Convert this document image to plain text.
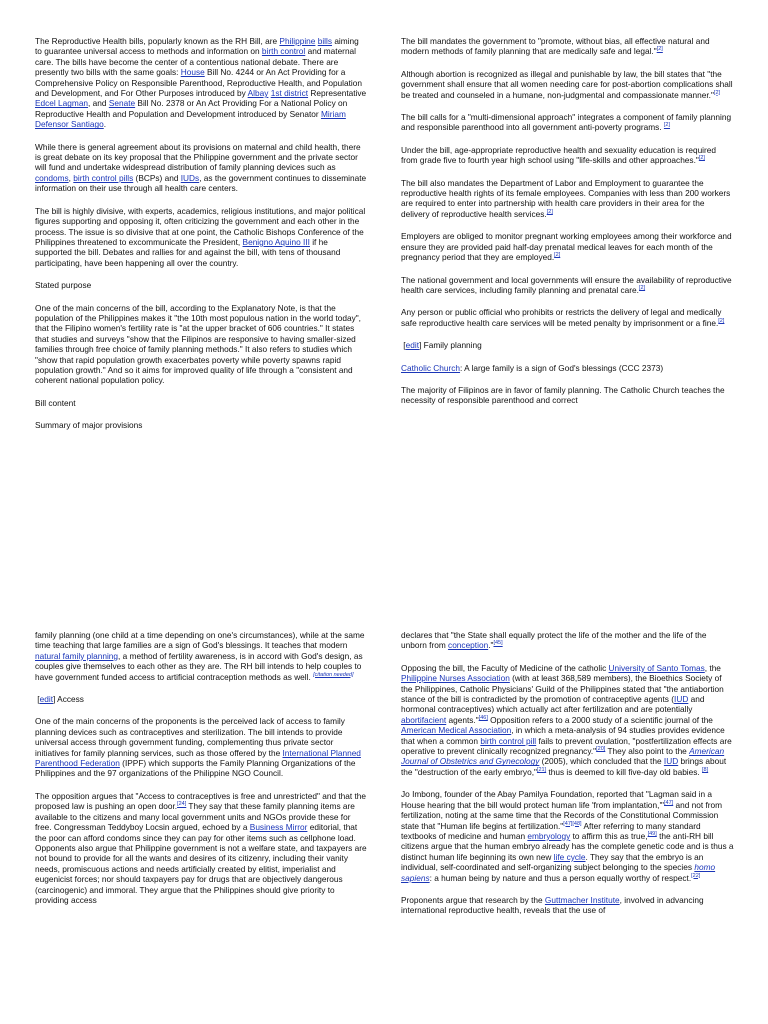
The Reproductive Health bills, popularly known as the RH Bill, are Philippine bills aiming to guarantee universal access to methods and information on birth control and maternal care. The bills have become the center of a contentious national debate. There are presently two bills with the same goals: House Bill No. 4244 or An Act Providing for a Comprehensive Policy on Responsible Parenthood, Reproductive Health, and Population and Development, and For Other Purposes introduced by Albay 1st district Representative Edcel Lagman, and Senate Bill No. 2378 or An Act Providing For a National Policy on Reproductive Health and Population and Development introduced by Senator Miriam Defensor Santiago.

While there is general agreement about its provisions on maternal and child health, there is great debate on its key proposal that the Philippine government and the private sector will fund and undertake widespread distribution of family planning devices such as condoms, birth control pills (BCPs) and IUDs, as the government continues to disseminate information on their use through all health care centers.

The bill is highly divisive, with experts, academics, religious institutions, and major political figures supporting and opposing it, often criticizing the government and each other in the process. The issue is so divisive that at one point, the Catholic Bishops Conference of the Philippines threatened to excommunicate the President, Benigno Aquino III if he supported the bill. Debates and rallies for and against the bill, with tens of thousand participating, have been happening all over the country.

Stated purpose

One of the main concerns of the bill, according to the Explanatory Note, is that the population of the Philippines makes it "the 10th most populous nation in the world today", that the Filipino women's fertility rate is "at the upper bracket of 606 countries." It states that studies and surveys "show that the Filipinos are responsive to having smaller-sized families through free choice of family planning methods." It also refers to studies which "show that rapid population growth exacerbates poverty while poverty spawns rapid population growth." And so it aims for improved quality of life through a "consistent and coherent national population policy.

Bill content

Summary of major provisions

The bill mandates the government to "promote, without bias, all effective natural and modern methods of family planning that are medically safe and legal."[2]

Although abortion is recognized as illegal and punishable by law, the bill states that "the government shall ensure that all women needing care for post-abortion complications shall be treated and counseled in a humane, non-judgmental and compassionate manner."[2]

The bill calls for a "multi-dimensional approach" integrates a component of family planning and responsible parenthood into all government anti-poverty programs. [2]

Under the bill, age-appropriate reproductive health and sexuality education is required from grade five to fourth year high school using "life-skills and other approaches."[2]

The bill also mandates the Department of Labor and Employment to guarantee the reproductive health rights of its female employees. Companies with less than 200 workers are required to enter into partnership with health care providers in their area for the delivery of reproductive health services.[2]

Employers are obliged to monitor pregnant working employees among their workforce and ensure they are provided paid half-day prenatal medical leaves for each month of the pregnancy period that they are employed.[2]

The national government and local governments will ensure the availability of reproductive health care services, including family planning and prenatal care.[2]

Any person or public official who prohibits or restricts the delivery of legal and medically safe reproductive health care services will be meted penalty by imprisonment or a fine.[2]

[edit] Family planning

Catholic Church: A large family is a sign of God's blessings (CCC 2373)

The majority of Filipinos are in favor of family planning. The Catholic Church teaches the necessity of responsible parenthood and correct

family planning (one child at a time depending on one's circumstances), while at the same time teaching that large families are a sign of God's blessings. It teaches that modern natural family planning, a method of fertility awareness, is in accord with God's design, as couples give themselves to each other as they are. The RH bill intends to help couples to have government funded access to artificial contraception methods as well. [citation needed]

[edit] Access

One of the main concerns of the proponents is the perceived lack of access to family planning devices such as contraceptives and sterilization. The bill intends to provide universal access through government funding, complementing thus private sector initiatives for family planning services, such as those offered by the International Planned Parenthood Federation (IPPF) which supports the Family Planning Organizations of the Philippines and the 97 organizations of the Philippine NGO Council.

The opposition argues that "Access to contraceptives is free and unrestricted" and that the proposed law is pushing an open door.[24] They say that these family planning items are available to the citizens and many local government units and NGOs provide these for free. Congressman Teddyboy Locsin argued, echoed by a Business Mirror editorial, that the poor can afford condoms since they can pay for other items such as cellphone load. Opponents also argue that Philippine government is not a welfare state, and taxpayers are not bound to provide for all the wants and desires of its citizenry, including their vanity needs, promiscuous actions and needs artificially created by elitist, imperialist and eugenicist forces; nor should taxpayers pay for drugs that are objectively dangerous (carcinogenic) and immoral. They argue that the Philippines should give priority to providing access

declares that "the State shall equally protect the life of the mother and the life of the unborn from conception."[45]

Opposing the bill, the Faculty of Medicine of the catholic University of Santo Tomas, the Philippine Nurses Association (with at least 368,589 members), the Bioethics Society of the Philippines, Catholic Physicians' Guild of the Philippines stated that "the antiabortion stance of the bill is contradicted by the promotion of contraceptive agents (IUD and hormonal contraceptives) which actually act after fertilization and are potentially abortifacient agents."[46] Opposition refers to a 2000 study of a scientific journal of the American Medical Association, in which a meta-analysis of 94 studies provides evidence that when a common birth control pill fails to prevent ovulation, "postfertilization effects are operative to prevent clinically recognized pregnancy."[20] They also point to the American Journal of Obstetrics and Gynecology (2005), which concluded that the IUD brings about the "destruction of the early embryo,"[21] thus is deemed to kill five-day old babies. [8]

Jo Imbong, founder of the Abay Pamilya Foundation, reported that "Lagman said in a House hearing that the bill would protect human life 'from implantation,'"[47] and not from fertilization, noting at the same time that the Records of the Constitutional Commission state that "Human life begins at fertilization."[47][48] After referring to many standard textbooks of medicine and human embryology to affirm this as true,[49] the anti-RH bill citizens argue that the human embryo already has the complete genetic code and is thus a distinct human life beginning its own new life cycle. They say that the embryo is an individual, self-coordinated and self-organizing subject belonging to the species homo sapiens: a human being by nature and thus a person equally worthy of respect.[22]

Proponents argue that research by the Guttmacher Institute, involved in advancing international reproductive health, reveals that the use of
